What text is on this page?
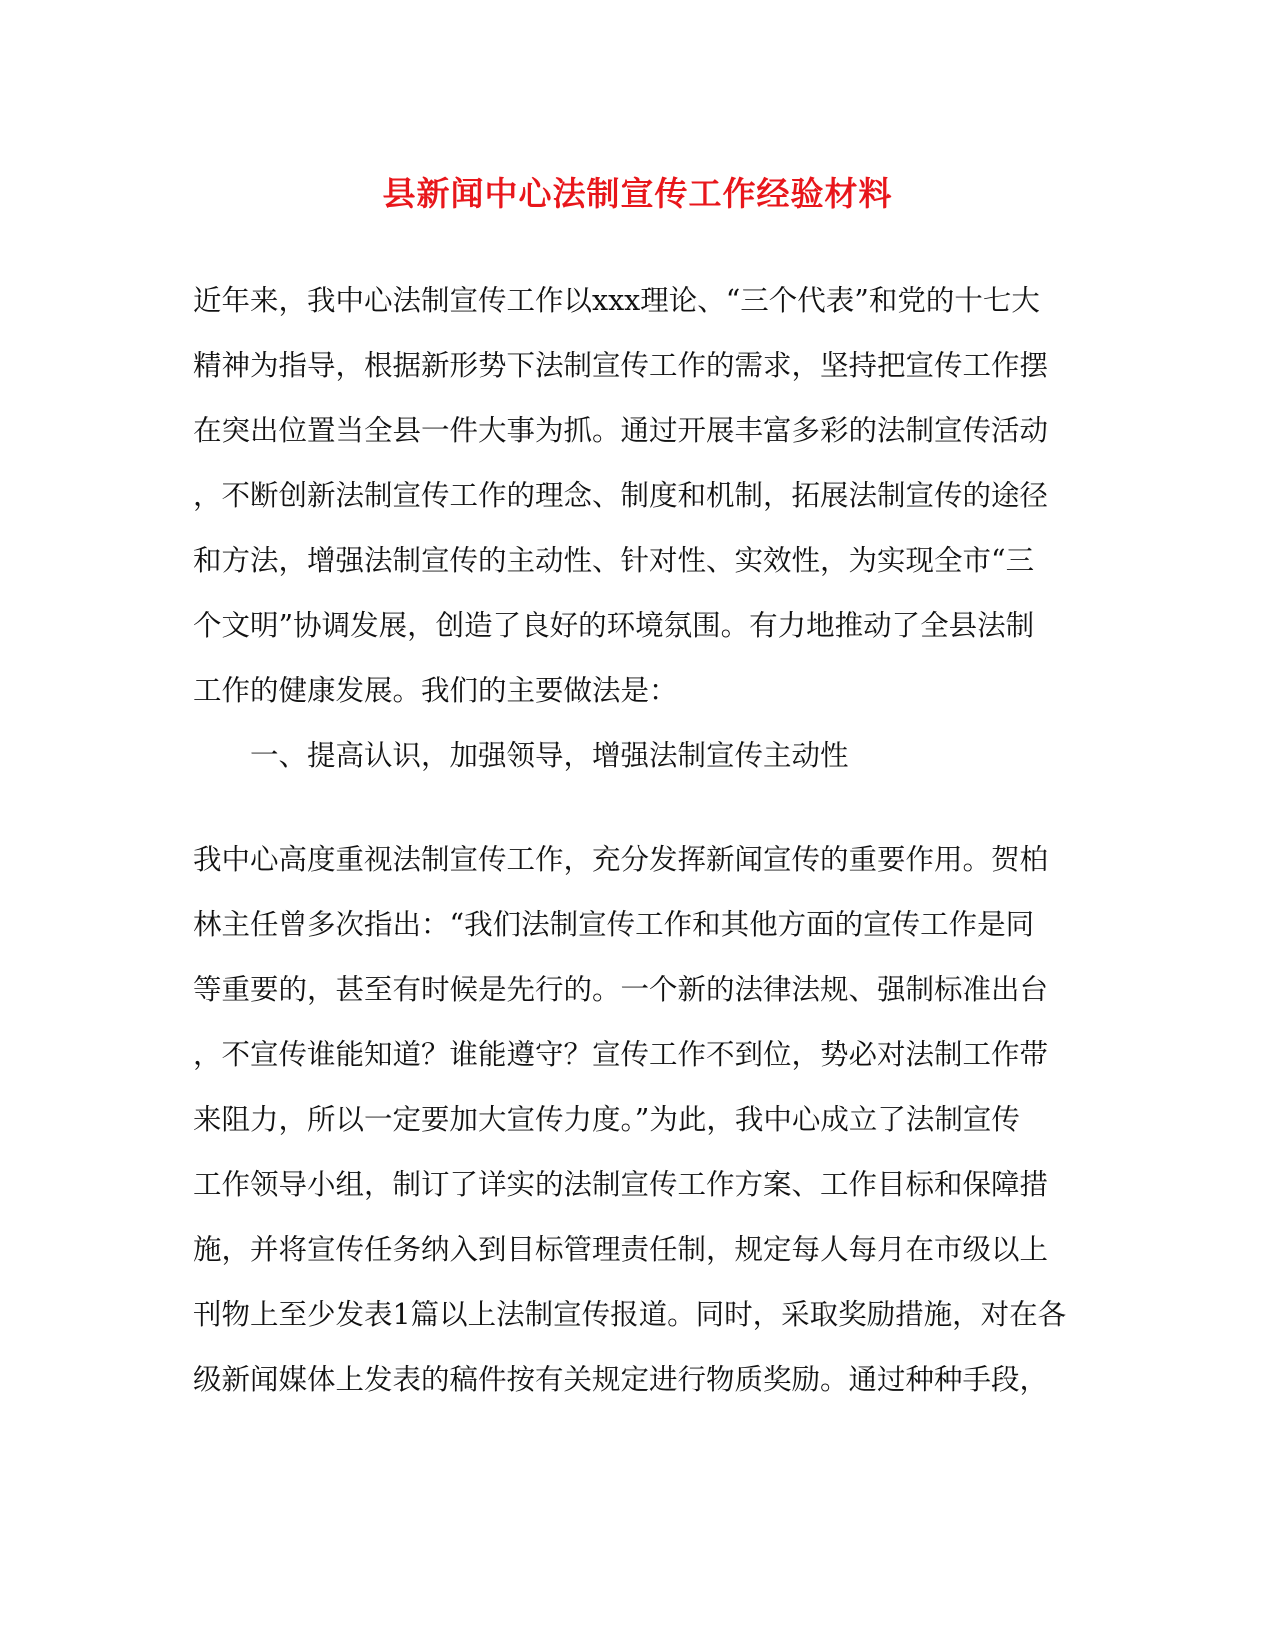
县新闻中心法制宣传工作经验材料
近年来，我中心法制宣传工作以xxx理论、“三个代表”和党的十七大
精神为指导，根据新形势下法制宣传工作的需求，坚持把宣传工作摆
在突出位置当全县一件大事为抓。通过开展丰富多彩的法制宣传活动
，不断创新法制宣传工作的理念、制度和机制，拓展法制宣传的途径
和方法，增强法制宣传的主动性、针对性、实效性，为实现全市“三
个文明”协调发展，创造了良好的环境氛围。有力地推动了全县法制
工作的健康发展。我们的主要做法是：
一、提高认识，加强领导，增强法制宣传主动性
我中心高度重视法制宣传工作，充分发挥新闻宣传的重要作用。贺柏
林主任曾多次指出：“我们法制宣传工作和其他方面的宣传工作是同
等重要的，甚至有时候是先行的。一个新的法律法规、强制标准出台
，不宣传谁能知道？谁能遵守？宣传工作不到位，势必对法制工作带
来阻力，所以一定要加大宣传力度。”为此，我中心成立了法制宣传
工作领导小组，制订了详实的法制宣传工作方案、工作目标和保障措
施，并将宣传任务纳入到目标管理责任制，规定每人每月在市级以上
刊物上至少发表1篇以上法制宣传报道。同时，采取奖励措施，对在各
级新闻媒体上发表的稿件按有关规定进行物质奖励。通过种种手段，
